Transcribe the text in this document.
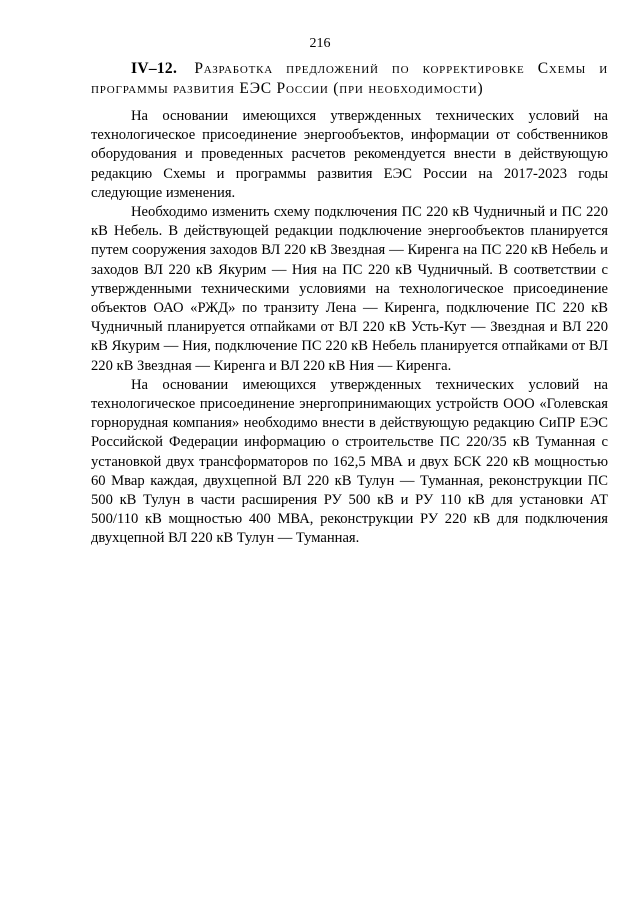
216

IV–12. Разработка предложений по корректировке Схемы и программы развития ЕЭС России (при необходимости)

На основании имеющихся утвержденных технических условий на технологическое присоединение энергообъектов, информации от собственников оборудования и проведенных расчетов рекомендуется внести в действующую редакцию Схемы и программы развития ЕЭС России на 2017-2023 годы следующие изменения.

Необходимо изменить схему подключения ПС 220 кВ Чудничный и ПС 220 кВ Небель. В действующей редакции подключение энергообъектов планируется путем сооружения заходов ВЛ 220 кВ Звездная — Киренга на ПС 220 кВ Небель и заходов ВЛ 220 кВ Якурим — Ния на ПС 220 кВ Чудничный. В соответствии с утвержденными техническими условиями на технологическое присоединение объектов ОАО «РЖД» по транзиту Лена — Киренга, подключение ПС 220 кВ Чудничный планируется отпайками от ВЛ 220 кВ Усть-Кут — Звездная и ВЛ 220 кВ Якурим — Ния, подключение ПС 220 кВ Небель планируется отпайками от ВЛ 220 кВ Звездная — Киренга и ВЛ 220 кВ Ния — Киренга.

На основании имеющихся утвержденных технических условий на технологическое присоединение энергопринимающих устройств ООО «Голевская горнорудная компания» необходимо внести в действующую редакцию СиПР ЕЭС Российской Федерации информацию о строительстве ПС 220/35 кВ Туманная с установкой двух трансформаторов по 162,5 МВА и двух БСК 220 кВ мощностью 60 Мвар каждая, двухцепной ВЛ 220 кВ Тулун — Туманная, реконструкции ПС 500 кВ Тулун в части расширения РУ 500 кВ и РУ 110 кВ для установки АТ 500/110 кВ мощностью 400 МВА, реконструкции РУ 220 кВ для подключения двухцепной ВЛ 220 кВ Тулун — Туманная.
